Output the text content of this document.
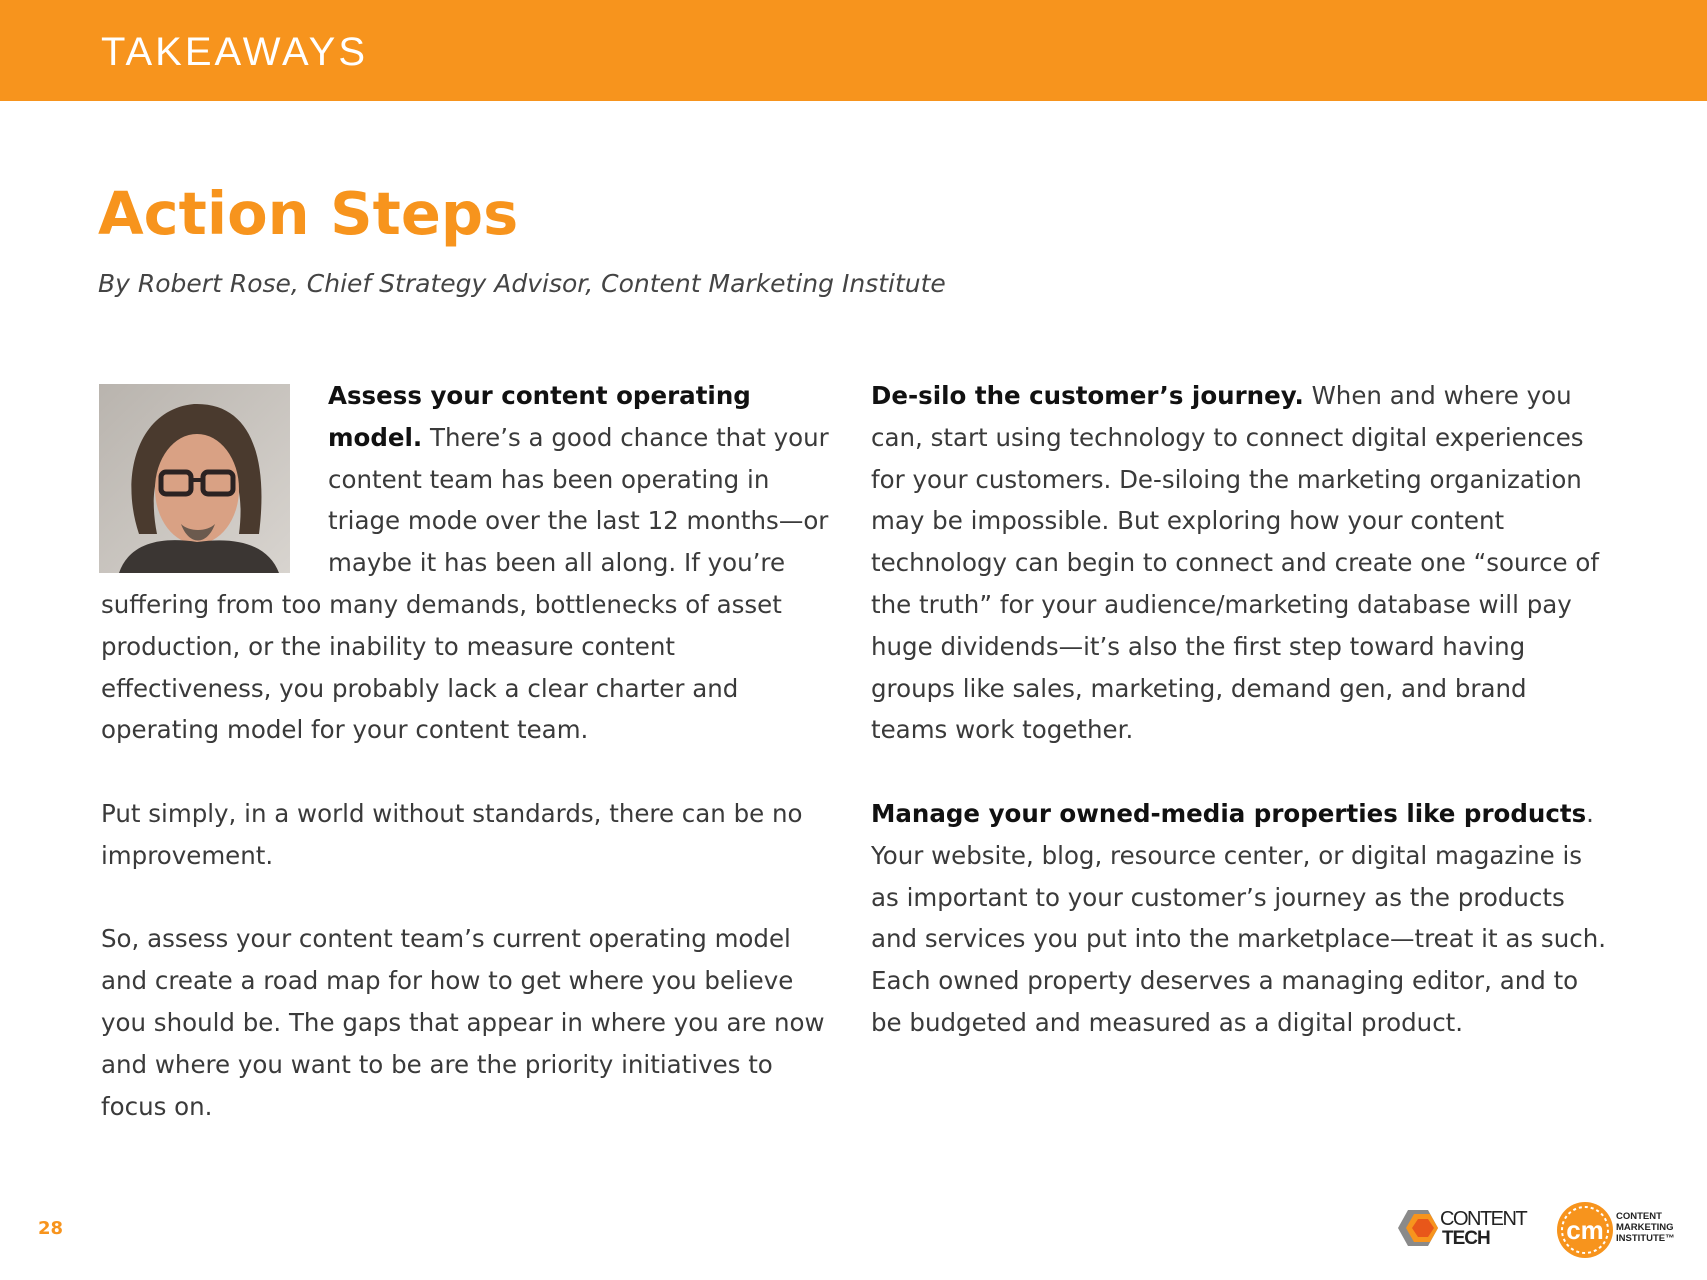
TAKEAWAYS
Action Steps
By Robert Rose, Chief Strategy Advisor, Content Marketing Institute

Assess your content operating model. There’s a good chance that your content team has been operating in triage mode over the last 12 months—or maybe it has been all along. If you’re suffering from too many demands, bottlenecks of asset production, or the inability to measure content effectiveness, you probably lack a clear charter and operating model for your content team.

Put simply, in a world without standards, there can be no improvement.

So, assess your content team’s current operating model and create a road map for how to get where you believe you should be. The gaps that appear in where you are now and where you want to be are the priority initiatives to focus on.

De-silo the customer’s journey. When and where you can, start using technology to connect digital experiences for your customers. De-siloing the marketing organization may be impossible. But exploring how your content technology can begin to connect and create one “source of the truth” for your audience/marketing database will pay huge dividends—it’s also the first step toward having groups like sales, marketing, demand gen, and brand teams work together.

Manage your owned-media properties like products. Your website, blog, resource center, or digital magazine is as important to your customer’s journey as the products and services you put into the marketplace—treat it as such. Each owned property deserves a managing editor, and to be budgeted and measured as a digital product.

28	CONTENT
TECH	cm CONTENT
MARKETING
INSTITUTE™
